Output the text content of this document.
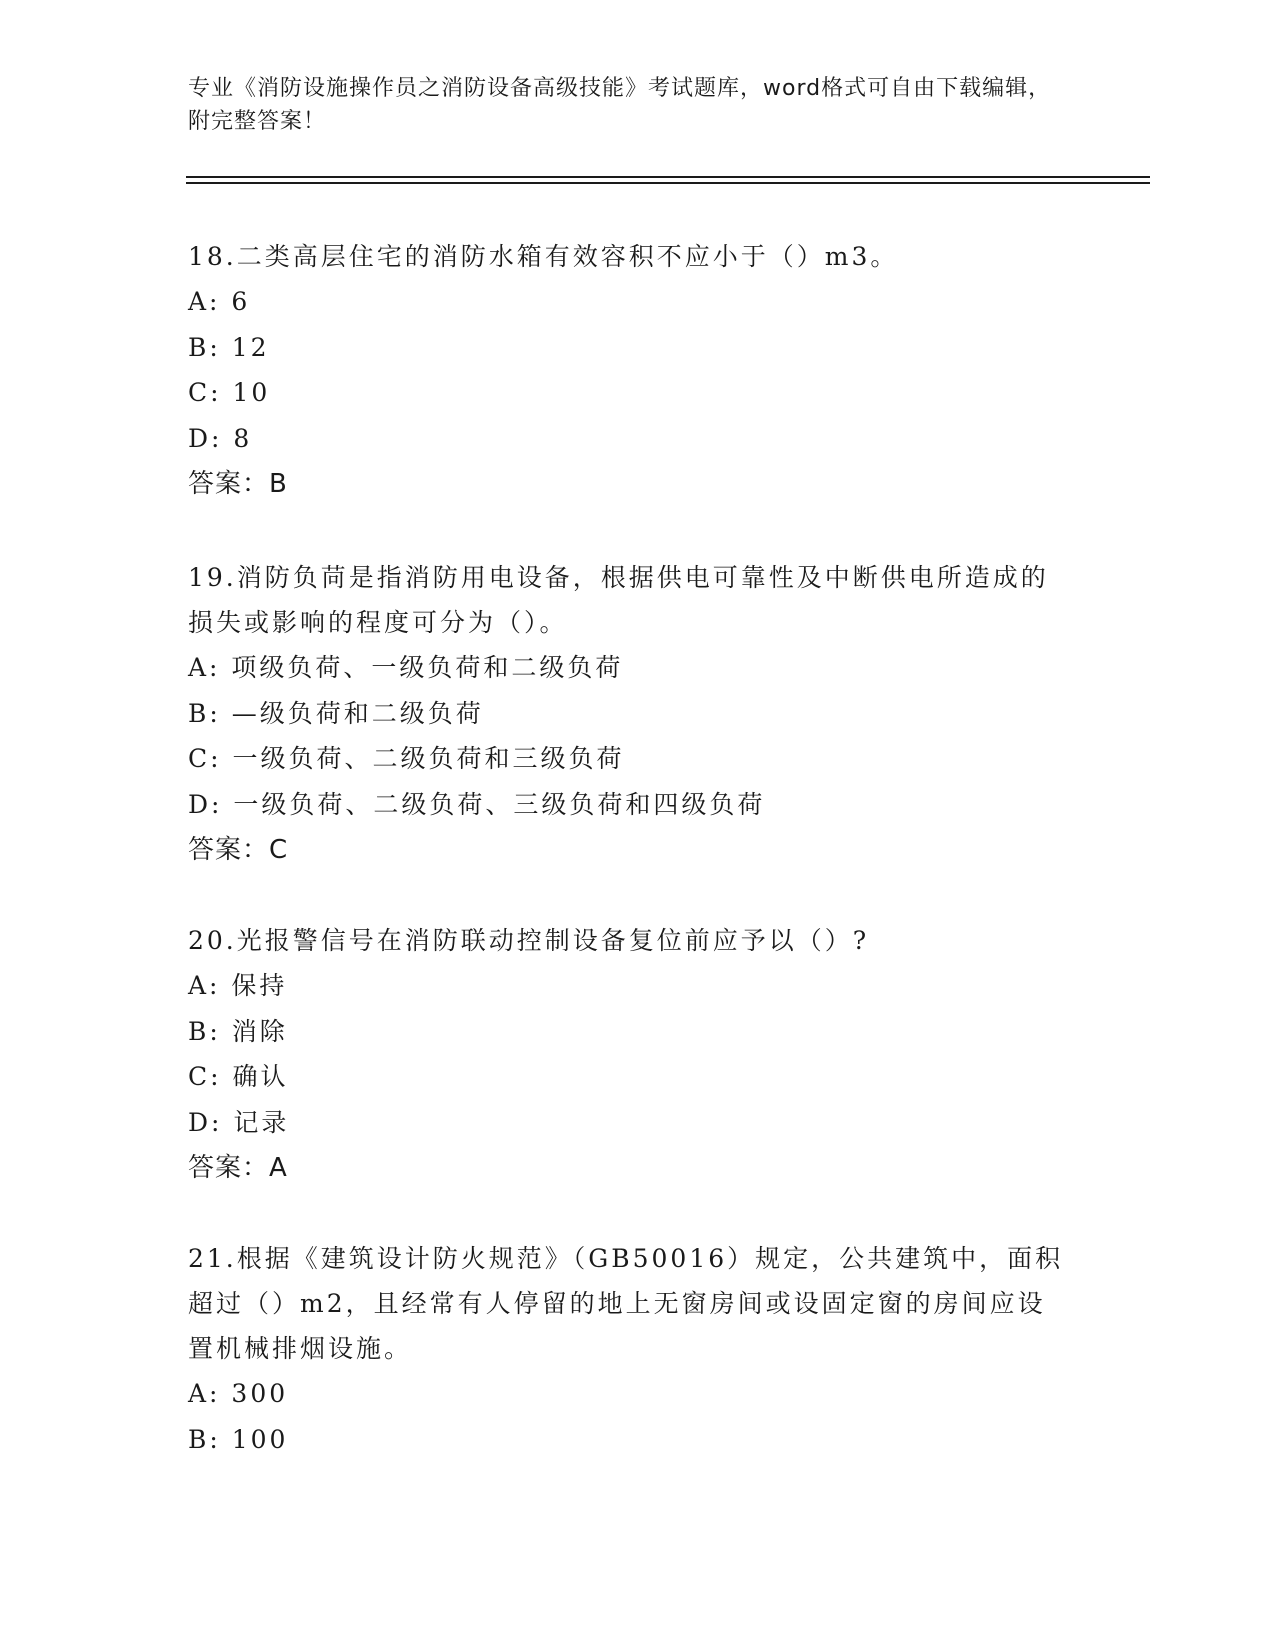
专业《消防设施操作员之消防设备高级技能》考试题库，word格式可自由下载编辑，附完整答案！

18.二类高层住宅的消防水箱有效容积不应小于（）m3。

A: 6

B: 12

C: 10

D: 8

答案：B

19.消防负苘是指消防用电设备，根据供电可靠性及中断供电所造成的损失或影响的程度可分为（）。

A: 项级负荷、一级负荷和二级负荷

B: —级负荷和二级负荷

C: 一级负荷、二级负荷和三级负荷

D: 一级负荷、二级负荷、三级负荷和四级负荷

答案：C

20.光报警信号在消防联动控制设备复位前应予以（）?

A: 保持

B: 消除

C: 确认

D: 记录

答案：A

21.根据《建筑设计防火规范》（GB50016）规定，公共建筑中，面积超过（）m2，且经常有人停留的地上无窗房间或设固定窗的房间应设置机械排烟设施。

A: 300

B: 100
